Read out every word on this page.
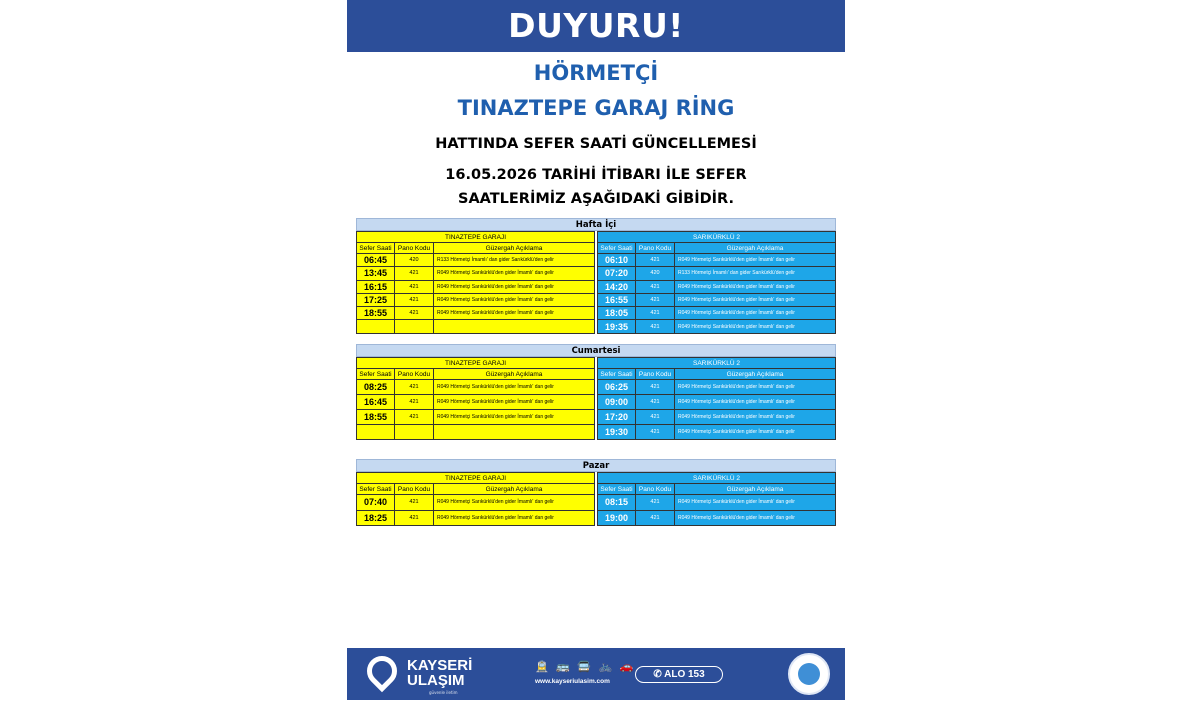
DUYURU!
HÖRMETÇİ
TINAZTEPE GARAJ RİNG
HATTINDA SEFER SAATİ GÜNCELLEMESİ
16.05.2026 TARİHİ İTİBARI İLE SEFER
SAATLERİMİZ AŞAĞIDAKİ GİBİDİR.
Hafta İçi
TINAZTEPE GARAJI		
Sefer Saati	Pano Kodu	Güzergah Açıklama
06:45	420	R133 Hörmetçi İmamlı' dan gider Sarıkürklü'den gelir
13:45	421	R049 Hörmetçi Sarıkürklü'den gider İmamlı' dan gelir
16:15	421	R049 Hörmetçi Sarıkürklü'den gider İmamlı' dan gelir
17:25	421	R049 Hörmetçi Sarıkürklü'den gider İmamlı' dan gelir
18:55	421	R049 Hörmetçi Sarıkürklü'den gider İmamlı' dan gelir

SARIKÜRKLÜ 2		
Sefer Saati	Pano Kodu	Güzergah Açıklama
06:10	421	R049 Hörmetçi Sarıkürklü'den gider İmamlı' dan gelir
07:20	420	R133 Hörmetçi İmamlı' dan gider Sarıkürklü'den gelir
14:20	421	R049 Hörmetçi Sarıkürklü'den gider İmamlı' dan gelir
16:55	421	R049 Hörmetçi Sarıkürklü'den gider İmamlı' dan gelir
18:05	421	R049 Hörmetçi Sarıkürklü'den gider İmamlı' dan gelir
19:35	421	R049 Hörmetçi Sarıkürklü'den gider İmamlı' dan gelir
Cumartesi
TINAZTEPE GARAJI		
Sefer Saati	Pano Kodu	Güzergah Açıklama
08:25	421	R049 Hörmetçi Sarıkürklü'den gider İmamlı' dan gelir
16:45	421	R049 Hörmetçi Sarıkürklü'den gider İmamlı' dan gelir
18:55	421	R049 Hörmetçi Sarıkürklü'den gider İmamlı' dan gelir

SARIKÜRKLÜ 2		
Sefer Saati	Pano Kodu	Güzergah Açıklama
06:25	421	R049 Hörmetçi Sarıkürklü'den gider İmamlı' dan gelir
09:00	421	R049 Hörmetçi Sarıkürklü'den gider İmamlı' dan gelir
17:20	421	R049 Hörmetçi Sarıkürklü'den gider İmamlı' dan gelir
19:30	421	R049 Hörmetçi Sarıkürklü'den gider İmamlı' dan gelir
Pazar
TINAZTEPE GARAJI		
Sefer Saati	Pano Kodu	Güzergah Açıklama
07:40	421	R049 Hörmetçi Sarıkürklü'den gider İmamlı' dan gelir
18:25	421	R049 Hörmetçi Sarıkürklü'den gider İmamlı' dan gelir
SARIKÜRKLÜ 2		
Sefer Saati	Pano Kodu	Güzergah Açıklama
08:15	421	R049 Hörmetçi Sarıkürklü'den gider İmamlı' dan gelir
19:00	421	R049 Hörmetçi Sarıkürklü'den gider İmamlı' dan gelir
KAYSERİ
ULAŞIM
güvenle iletim
🚊 🚌 🚍 🚲 🚗
www.kayseriulasim.com
✆ ALO 153
